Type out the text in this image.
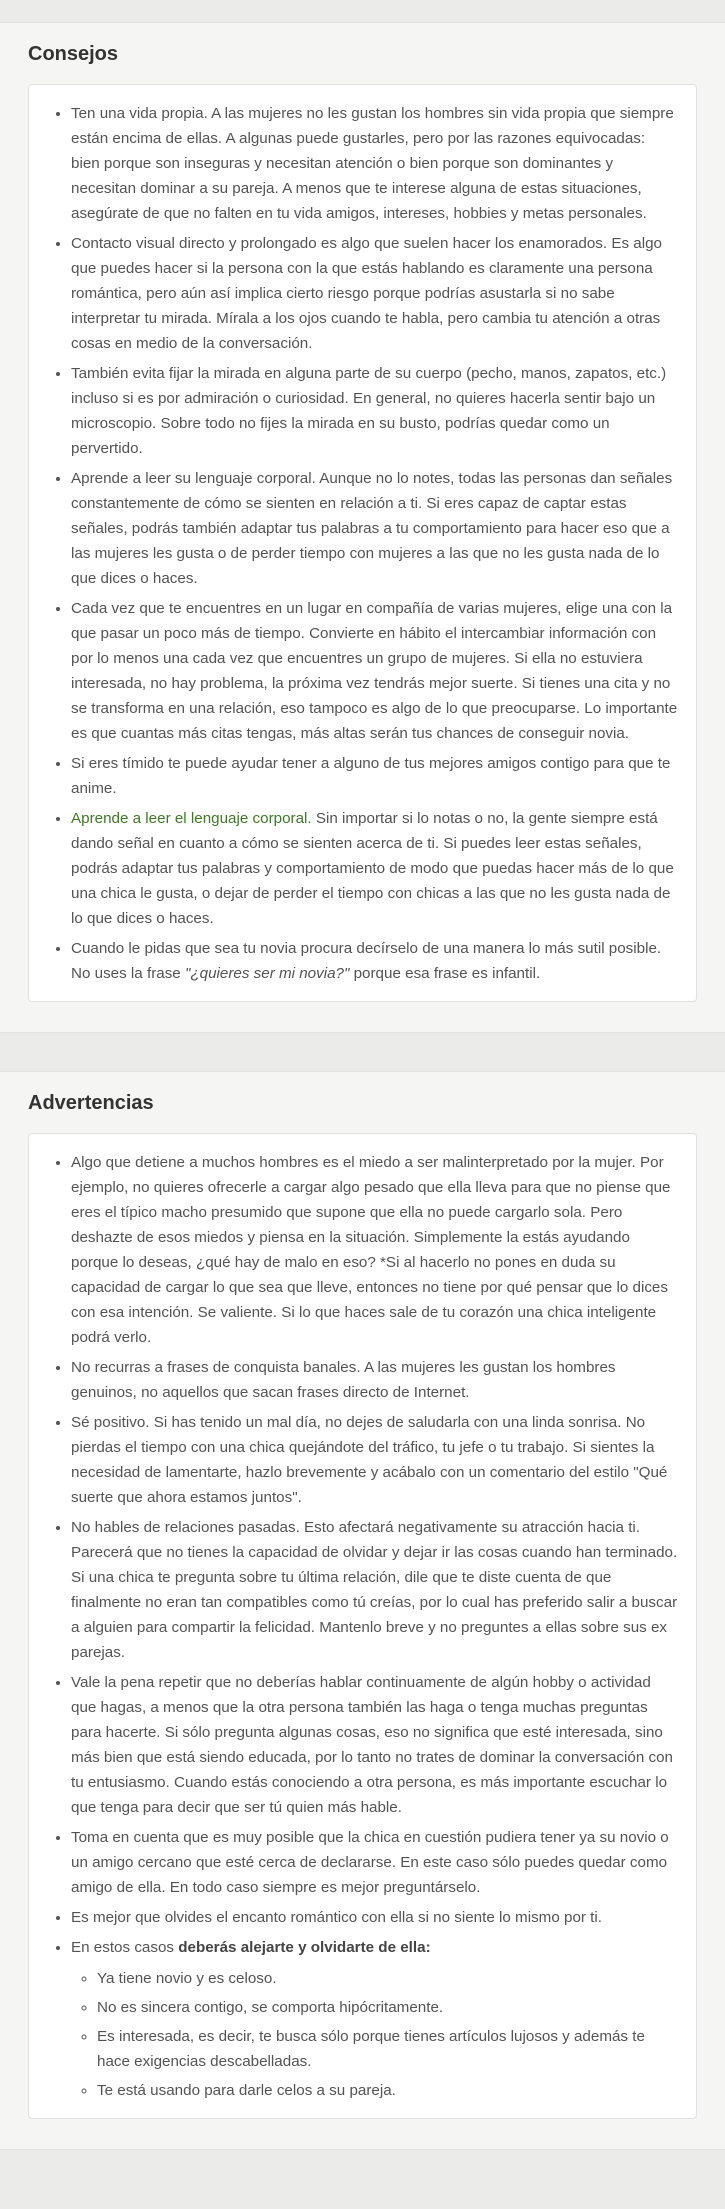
Consejos
• Ten una vida propia. A las mujeres no les gustan los hombres sin vida propia que siempre están encima de ellas. A algunas puede gustarles, pero por las razones equivocadas: bien porque son inseguras y necesitan atención o bien porque son dominantes y necesitan dominar a su pareja. A menos que te interese alguna de estas situaciones, asegúrate de que no falten en tu vida amigos, intereses, hobbies y metas personales.
• Contacto visual directo y prolongado es algo que suelen hacer los enamorados. Es algo que puedes hacer si la persona con la que estás hablando es claramente una persona romántica, pero aún así implica cierto riesgo porque podrías asustarla si no sabe interpretar tu mirada. Mírala a los ojos cuando te habla, pero cambia tu atención a otras cosas en medio de la conversación.
• También evita fijar la mirada en alguna parte de su cuerpo (pecho, manos, zapatos, etc.) incluso si es por admiración o curiosidad. En general, no quieres hacerla sentir bajo un microscopio. Sobre todo no fijes la mirada en su busto, podrías quedar como un pervertido.
• Aprende a leer su lenguaje corporal. Aunque no lo notes, todas las personas dan señales constantemente de cómo se sienten en relación a ti. Si eres capaz de captar estas señales, podrás también adaptar tus palabras a tu comportamiento para hacer eso que a las mujeres les gusta o de perder tiempo con mujeres a las que no les gusta nada de lo que dices o haces.
• Cada vez que te encuentres en un lugar en compañía de varias mujeres, elige una con la que pasar un poco más de tiempo. Convierte en hábito el intercambiar información con por lo menos una cada vez que encuentres un grupo de mujeres. Si ella no estuviera interesada, no hay problema, la próxima vez tendrás mejor suerte. Si tienes una cita y no se transforma en una relación, eso tampoco es algo de lo que preocuparse. Lo importante es que cuantas más citas tengas, más altas serán tus chances de conseguir novia.
• Si eres tímido te puede ayudar tener a alguno de tus mejores amigos contigo para que te anime.
• Aprende a leer el lenguaje corporal. Sin importar si lo notas o no, la gente siempre está dando señal en cuanto a cómo se sienten acerca de ti. Si puedes leer estas señales, podrás adaptar tus palabras y comportamiento de modo que puedas hacer más de lo que una chica le gusta, o dejar de perder el tiempo con chicas a las que no les gusta nada de lo que dices o haces.
• Cuando le pidas que sea tu novia procura decírselo de una manera lo más sutil posible. No uses la frase "¿quieres ser mi novia?" porque esa frase es infantil.
Advertencias
• Algo que detiene a muchos hombres es el miedo a ser malinterpretado por la mujer. Por ejemplo, no quieres ofrecerle a cargar algo pesado que ella lleva para que no piense que eres el típico macho presumido que supone que ella no puede cargarlo sola. Pero deshazte de esos miedos y piensa en la situación. Simplemente la estás ayudando porque lo deseas, ¿qué hay de malo en eso? *Si al hacerlo no pones en duda su capacidad de cargar lo que sea que lleve, entonces no tiene por qué pensar que lo dices con esa intención. Se valiente. Si lo que haces sale de tu corazón una chica inteligente podrá verlo.
• No recurras a frases de conquista banales. A las mujeres les gustan los hombres genuinos, no aquellos que sacan frases directo de Internet.
• Sé positivo. Si has tenido un mal día, no dejes de saludarla con una linda sonrisa. No pierdas el tiempo con una chica quejándote del tráfico, tu jefe o tu trabajo. Si sientes la necesidad de lamentarte, hazlo brevemente y acábalo con un comentario del estilo "Qué suerte que ahora estamos juntos".
• No hables de relaciones pasadas. Esto afectará negativamente su atracción hacia ti. Parecerá que no tienes la capacidad de olvidar y dejar ir las cosas cuando han terminado. Si una chica te pregunta sobre tu última relación, dile que te diste cuenta de que finalmente no eran tan compatibles como tú creías, por lo cual has preferido salir a buscar a alguien para compartir la felicidad. Mantenlo breve y no preguntes a ellas sobre sus ex parejas.
• Vale la pena repetir que no deberías hablar continuamente de algún hobby o actividad que hagas, a menos que la otra persona también las haga o tenga muchas preguntas para hacerte. Si sólo pregunta algunas cosas, eso no significa que esté interesada, sino más bien que está siendo educada, por lo tanto no trates de dominar la conversación con tu entusiasmo. Cuando estás conociendo a otra persona, es más importante escuchar lo que tenga para decir que ser tú quien más hable.
• Toma en cuenta que es muy posible que la chica en cuestión pudiera tener ya su novio o un amigo cercano que esté cerca de declararse. En este caso sólo puedes quedar como amigo de ella. En todo caso siempre es mejor preguntárselo.
• Es mejor que olvides el encanto romántico con ella si no siente lo mismo por ti.
• En estos casos deberás alejarte y olvidarte de ella:
◦ Ya tiene novio y es celoso.
◦ No es sincera contigo, se comporta hipócritamente.
◦ Es interesada, es decir, te busca sólo porque tienes artículos lujosos y además te hace exigencias descabelladas.
◦ Te está usando para darle celos a su pareja.
